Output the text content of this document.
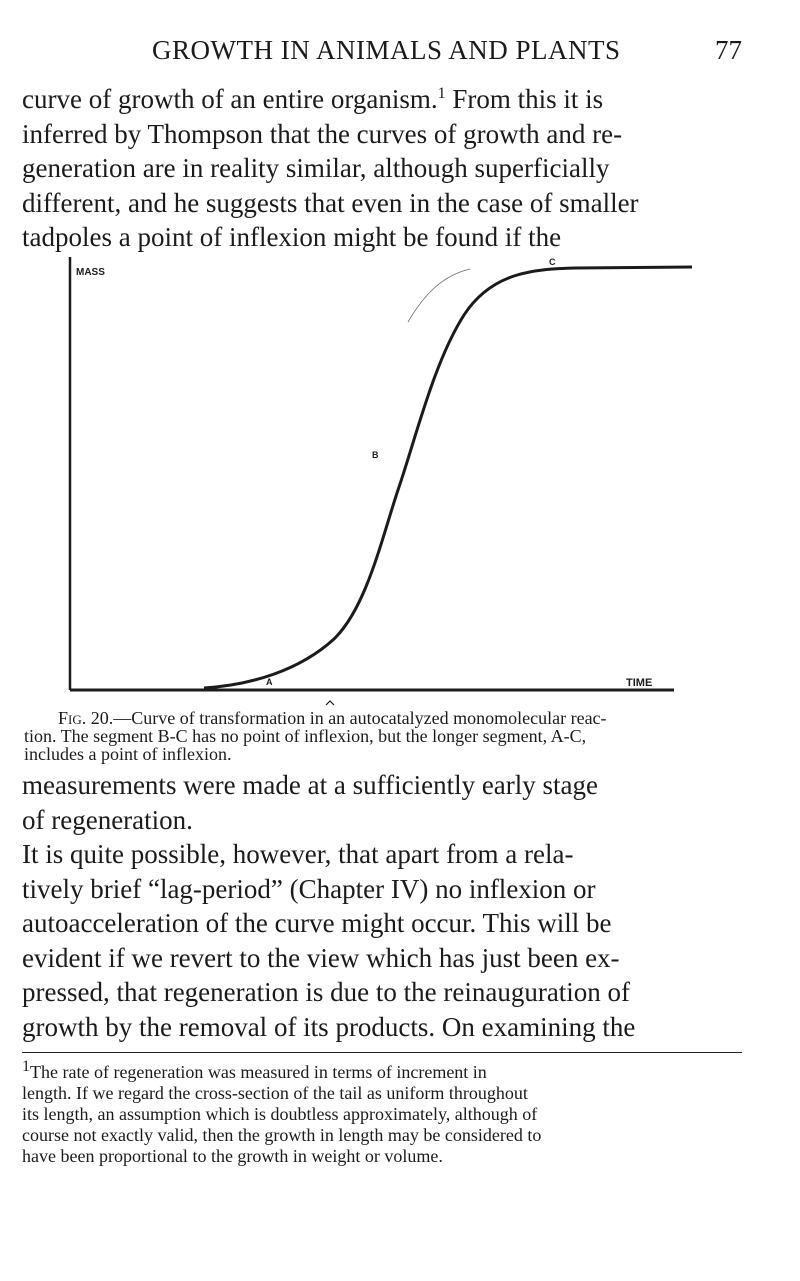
GROWTH IN ANIMALS AND PLANTS	77
curve of growth of an entire organism.$^1$ From this it is
inferred by Thompson that the curves of growth and re-
generation are in reality similar, although superficially
different, and he suggests that even in the case of smaller
tadpoles a point of inflexion might be found if the
MASS
TIME
A
B
C
Fig. 20.—Curve of transformation in an autocatalyzed monomolecular reac-
tion. The segment B-C has no point of inflexion, but the longer segment, A-C,
includes a point of inflexion.
measurements were made at a sufficiently early stage
of regeneration.
It is quite possible, however, that apart from a rela-
tively brief “lag-period” (Chapter IV) no inflexion or
autoacceleration of the curve might occur. This will be
evident if we revert to the view which has just been ex-
pressed, that regeneration is due to the reinauguration of
growth by the removal of its products. On examining the
1The rate of regeneration was measured in terms of increment in
length. If we regard the cross-section of the tail as uniform throughout
its length, an assumption which is doubtless approximately, although of
course not exactly valid, then the growth in length may be considered to
have been proportional to the growth in weight or volume.
